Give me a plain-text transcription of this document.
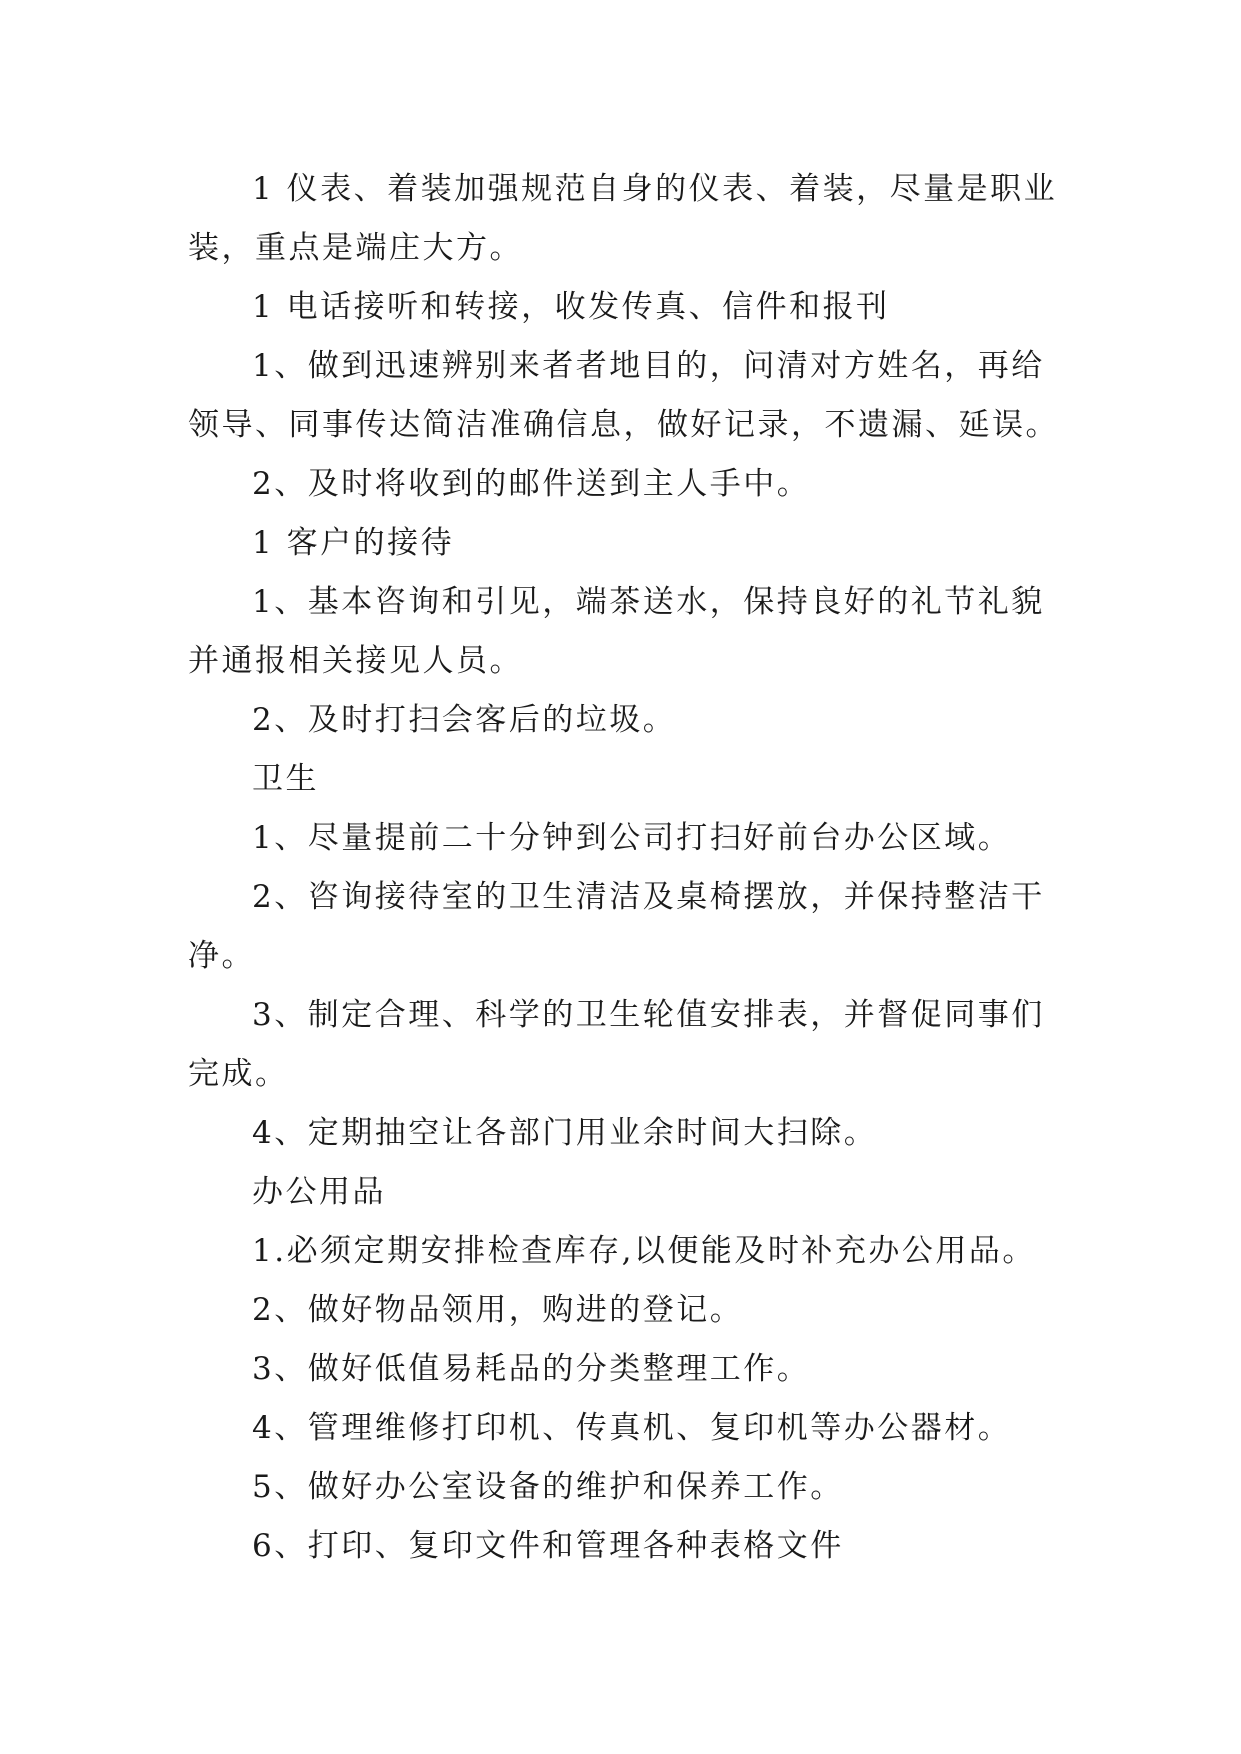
1 仪表、着装加强规范自身的仪表、着装，尽量是职业装，重点是端庄大方。

1 电话接听和转接，收发传真、信件和报刊

1、做到迅速辨别来者者地目的，问清对方姓名，再给领导、同事传达简洁准确信息，做好记录，不遗漏、延误。

2、及时将收到的邮件送到主人手中。

1 客户的接待

1、基本咨询和引见，端茶送水，保持良好的礼节礼貌并通报相关接见人员。

2、及时打扫会客后的垃圾。

卫生

1、尽量提前二十分钟到公司打扫好前台办公区域。

2、咨询接待室的卫生清洁及桌椅摆放，并保持整洁干净。

3、制定合理、科学的卫生轮值安排表，并督促同事们完成。

4、定期抽空让各部门用业余时间大扫除。

办公用品

1.必须定期安排检查库存,以便能及时补充办公用品。

2、做好物品领用，购进的登记。

3、做好低值易耗品的分类整理工作。

4、管理维修打印机、传真机、复印机等办公器材。

5、做好办公室设备的维护和保养工作。

6、打印、复印文件和管理各种表格文件
